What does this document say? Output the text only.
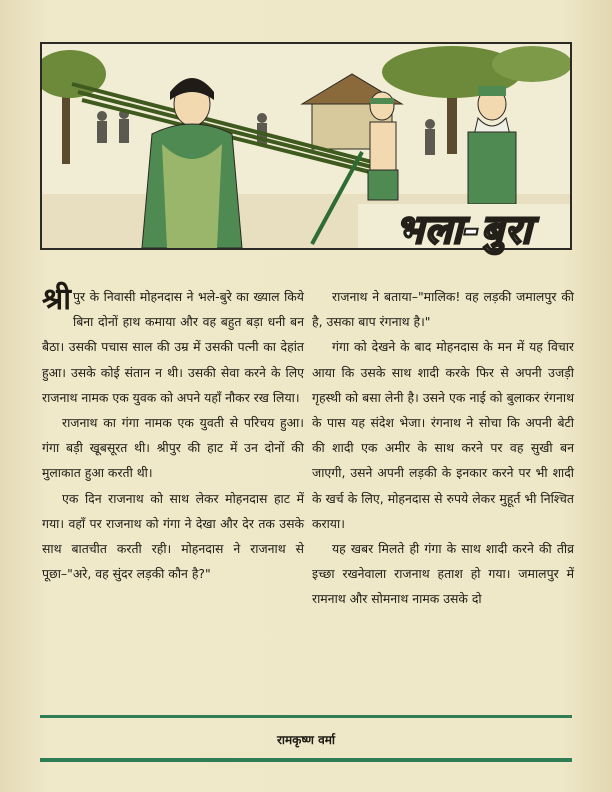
भला-बुरा

श्री पुर के निवासी मोहनदास ने भले-बुरे का ख्याल किये बिना दोनों हाथ कमाया और वह बहुत बड़ा धनी बन बैठा। उसकी पचास साल की उम्र में उसकी पत्नी का देहांत हुआ। उसके कोई संतान न थी। उसकी सेवा करने के लिए राजनाथ नामक एक युवक को अपने यहाँ नौकर रख लिया।

राजनाथ का गंगा नामक एक युवती से परिचय हुआ। गंगा बड़ी खूबसूरत थी। श्रीपुर की हाट में उन दोनों की मुलाकात हुआ करती थी।

एक दिन राजनाथ को साथ लेकर मोहनदास हाट में गया। वहाँ पर राजनाथ को गंगा ने देखा और देर तक उसके साथ बातचीत करती रही। मोहनदास ने राजनाथ से पूछा–"अरे, वह सुंदर लड़की कौन है?"

राजनाथ ने बताया–"मालिक! वह लड़की जमालपुर की है, उसका बाप रंगनाथ है।"

गंगा को देखने के बाद मोहनदास के मन में यह विचार आया कि उसके साथ शादी करके फिर से अपनी उजड़ी गृहस्थी को बसा लेनी है। उसने एक नाई को बुलाकर रंगनाथ के पास यह संदेश भेजा। रंगनाथ ने सोचा कि अपनी बेटी की शादी एक अमीर के साथ करने पर वह सुखी बन जाएगी, उसने अपनी लड़की के इनकार करने पर भी शादी के खर्च के लिए, मोहनदास से रुपये लेकर मुहूर्त भी निश्चित कराया।

यह खबर मिलते ही गंगा के साथ शादी करने की तीव्र इच्छा रखनेवाला राजनाथ हताश हो गया। जमालपुर में रामनाथ और सोमनाथ नामक उसके दो

रामकृष्ण वर्मा
